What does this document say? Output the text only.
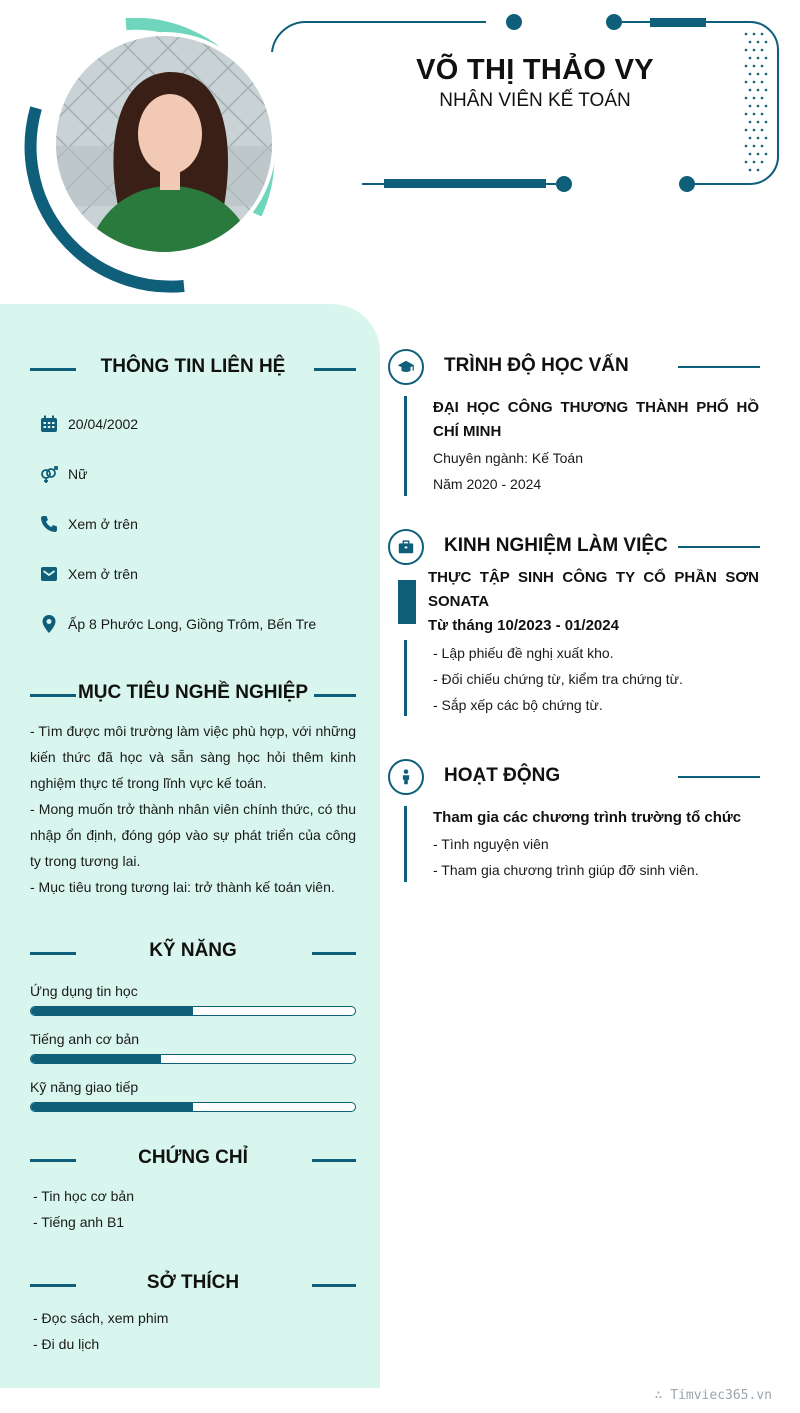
VÕ THỊ THẢO VY
NHÂN VIÊN KẾ TOÁN
THÔNG TIN LIÊN HỆ
20/04/2002
Nữ
Xem ở trên
Xem ở trên
Ấp 8 Phước Long, Giồng Trôm, Bến Tre
MỤC TIÊU NGHỀ NGHIỆP

- Tìm được môi trường làm việc phù hợp, với những kiến thức đã học và sẵn sàng học hỏi thêm kinh nghiệm thực tế trong lĩnh vực kế toán.

- Mong muốn trở thành nhân viên chính thức, có thu nhập ổn định, đóng góp vào sự phát triển của công ty trong tương lai.

- Mục tiêu trong tương lai: trở thành kế toán viên.

KỸ NĂNG
Ứng dụng tin học
Tiếng anh cơ bản
Kỹ năng giao tiếp
CHỨNG CHỈ
- Tin học cơ bản
- Tiếng anh B1
SỞ THÍCH
- Đọc sách, xem phim
- Đi du lịch
TRÌNH ĐỘ HỌC VẤN
ĐẠI HỌC CÔNG THƯƠNG THÀNH PHỐ HỒ CHÍ MINH
Chuyên ngành: Kế Toán
Năm 2020 - 2024
KINH NGHIỆM LÀM VIỆC
THỰC TẬP SINH CÔNG TY CỔ PHẦN SƠN SONATA
Từ tháng 10/2023 - 01/2024
- Lập phiếu đề nghị xuất kho.
- Đối chiếu chứng từ, kiểm tra chứng từ.
- Sắp xếp các bộ chứng từ.
HOẠT ĐỘNG
Tham gia các chương trình trường tổ chức
- Tình nguyện viên
- Tham gia chương trình giúp đỡ sinh viên.
∴ Timviec365.vn
